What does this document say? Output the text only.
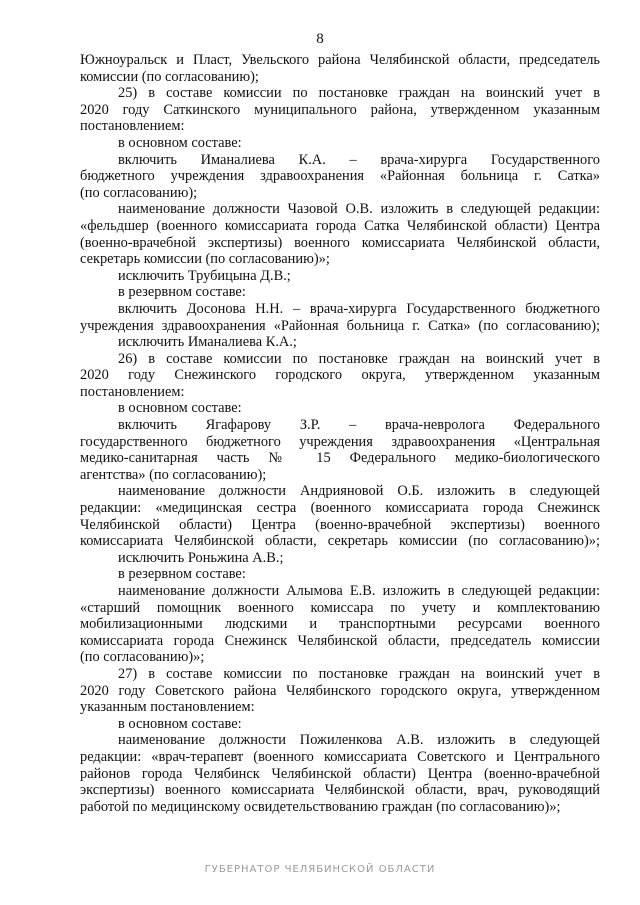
8
Южноуральск и Пласт, Увельского района Челябинской области, председатель
комиссии (по согласованию);
25) в составе комиссии по постановке граждан на воинский учет в
2020 году Саткинского муниципального района, утвержденном указанным
постановлением:
в основном составе:
включить Иманалиева К.А. – врача-хирурга Государственного
бюджетного учреждения здравоохранения «Районная больница г. Сатка»
(по согласованию);
наименование должности Чазовой О.В. изложить в следующей редакции:
«фельдшер (военного комиссариата города Сатка Челябинской области) Центра
(военно-врачебной экспертизы) военного комиссариата Челябинской области,
секретарь комиссии (по согласованию)»;
исключить Трубицына Д.В.;
в резервном составе:
включить Досонова Н.Н. – врача-хирурга Государственного бюджетного
учреждения здравоохранения «Районная больница г. Сатка» (по согласованию);
исключить Иманалиева К.А.;
26) в составе комиссии по постановке граждан на воинский учет в
2020 году Снежинского городского округа, утвержденном указанным
постановлением:
в основном составе:
включить Ягафарову З.Р. – врача-невролога Федерального
государственного бюджетного учреждения здравоохранения «Центральная
медико-санитарная часть № 15 Федерального медико-биологического
агентства» (по согласованию);
наименование должности Андрияновой О.Б. изложить в следующей
редакции: «медицинская сестра (военного комиссариата города Снежинск
Челябинской области) Центра (военно-врачебной экспертизы) военного
комиссариата Челябинской области, секретарь комиссии (по согласованию)»;
исключить Роньжина А.В.;
в резервном составе:
наименование должности Алымова Е.В. изложить в следующей редакции:
«старший помощник военного комиссара по учету и комплектованию
мобилизационными людскими и транспортными ресурсами военного
комиссариата города Снежинск Челябинской области, председатель комиссии
(по согласованию)»;
27) в составе комиссии по постановке граждан на воинский учет в
2020 году Советского района Челябинского городского округа, утвержденном
указанным постановлением:
в основном составе:
наименование должности Пожиленкова А.В. изложить в следующей
редакции: «врач-терапевт (военного комиссариата Советского и Центрального
районов города Челябинск Челябинской области) Центра (военно-врачебной
экспертизы) военного комиссариата Челябинской области, врач, руководящий
работой по медицинскому освидетельствованию граждан (по согласованию)»;
ГУБЕРНАТОР ЧЕЛЯБИНСКОЙ ОБЛАСТИ
